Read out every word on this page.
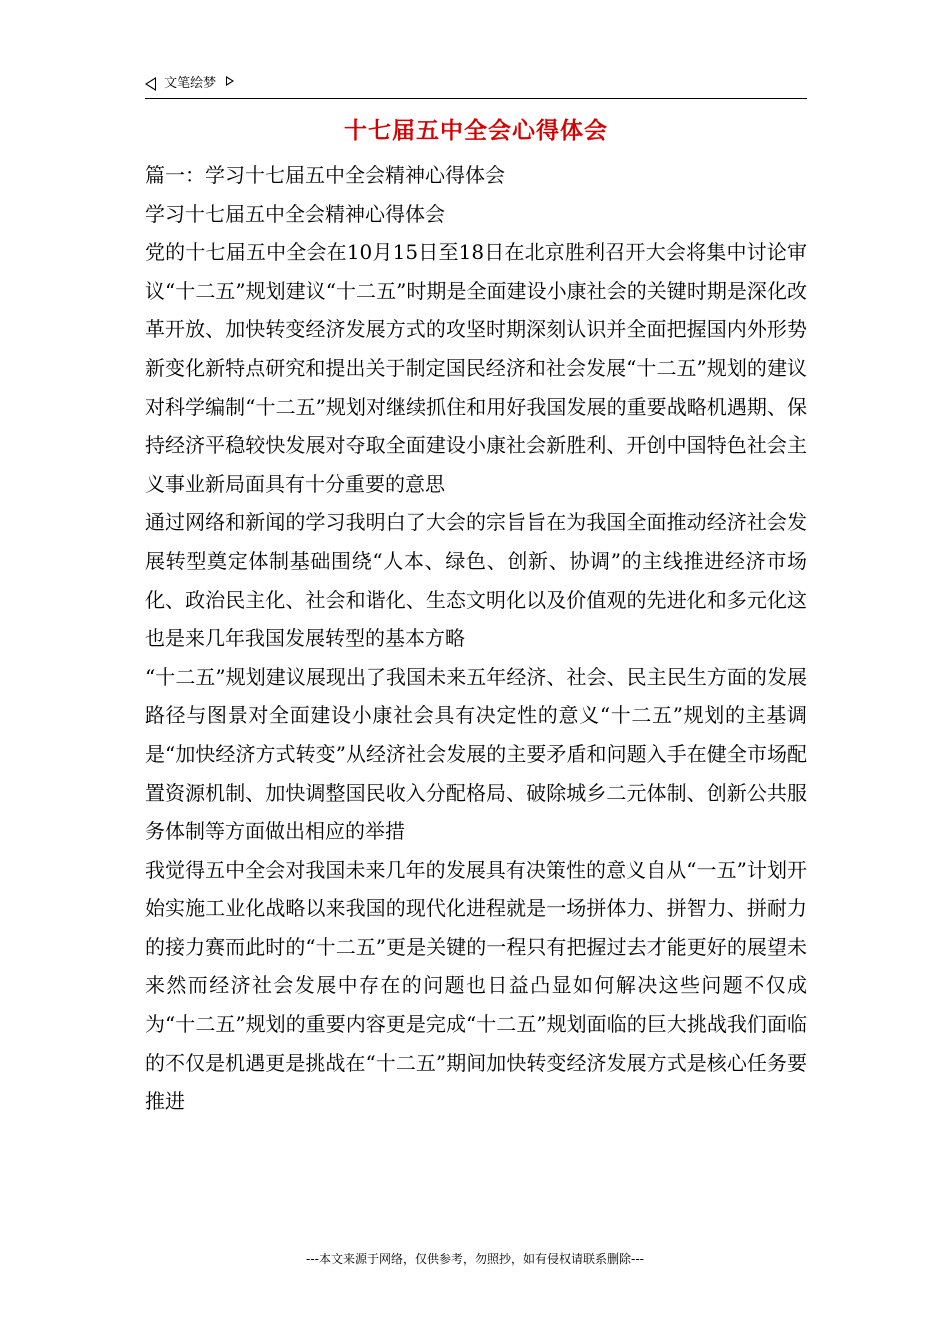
文笔绘梦
十七届五中全会心得体会

篇一：学习十七届五中全会精神心得体会

学习十七届五中全会精神心得体会

党的十七届五中全会在10月15日至18日在北京胜利召开大会将集中讨论审议“十二五”规划建议“十二五”时期是全面建设小康社会的关键时期是深化改革开放、加快转变经济发展方式的攻坚时期深刻认识并全面把握国内外形势新变化新特点研究和提出关于制定国民经济和社会发展“十二五”规划的建议对科学编制“十二五”规划对继续抓住和用好我国发展的重要战略机遇期、保持经济平稳较快发展对夺取全面建设小康社会新胜利、开创中国特色社会主义事业新局面具有十分重要的意思

通过网络和新闻的学习我明白了大会的宗旨旨在为我国全面推动经济社会发展转型奠定体制基础围绕“人本、绿色、创新、协调”的主线推进经济市场化、政治民主化、社会和谐化、生态文明化以及价值观的先进化和多元化这也是来几年我国发展转型的基本方略

“十二五”规划建议展现出了我国未来五年经济、社会、民主民生方面的发展路径与图景对全面建设小康社会具有决定性的意义“十二五”规划的主基调是“加快经济方式转变”从经济社会发展的主要矛盾和问题入手在健全市场配置资源机制、加快调整国民收入分配格局、破除城乡二元体制、创新公共服务体制等方面做出相应的举措

我觉得五中全会对我国未来几年的发展具有决策性的意义自从“一五”计划开始实施工业化战略以来我国的现代化进程就是一场拼体力、拼智力、拼耐力的接力赛而此时的“十二五”更是关键的一程只有把握过去才能更好的展望未来然而经济社会发展中存在的问题也日益凸显如何解决这些问题不仅成为“十二五”规划的重要内容更是完成“十二五”规划面临的巨大挑战我们面临的不仅是机遇更是挑战在“十二五”期间加快转变经济发展方式是核心任务要推进

---本文来源于网络，仅供参考，勿照抄，如有侵权请联系删除---
